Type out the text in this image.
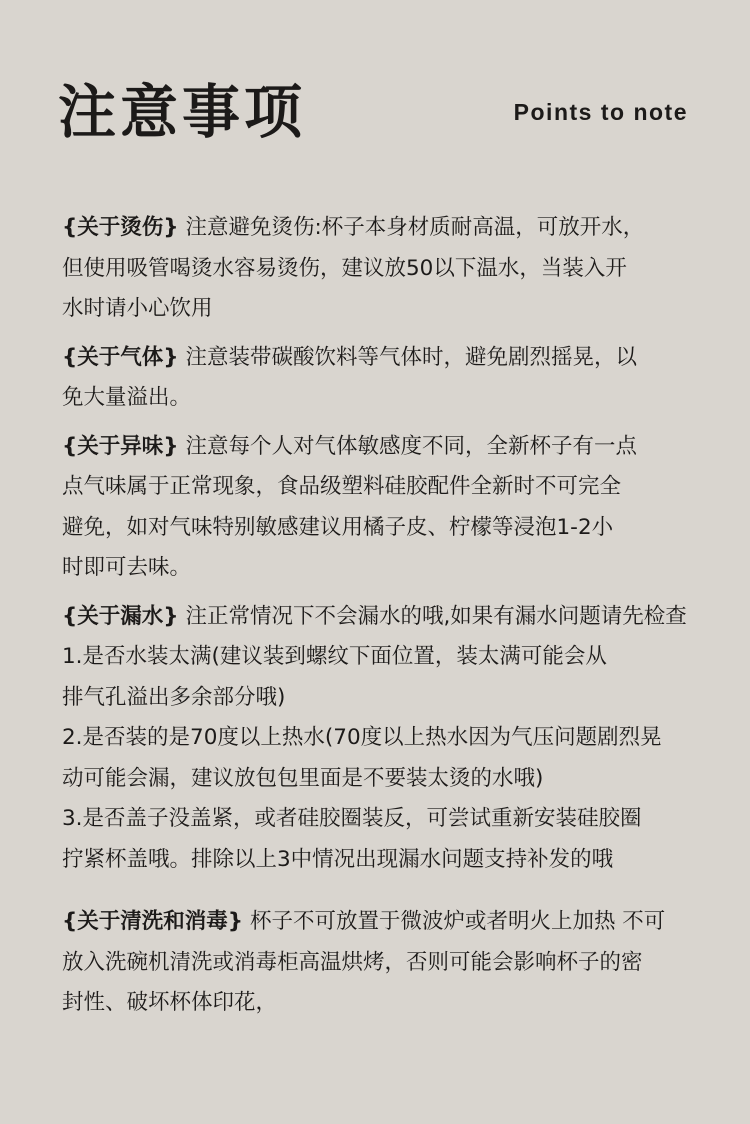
注意事项	Points to note

{关于烫伤} 注意避免烫伤:杯子本身材质耐高温，可放开水，

但使用吸管喝烫水容易烫伤，建议放50以下温水，当装入开

水时请小心饮用

{关于气体} 注意装带碳酸饮料等气体时，避免剧烈摇晃，以

免大量溢出。

{关于异味} 注意每个人对气体敏感度不同，全新杯子有一点

点气味属于正常现象，食品级塑料硅胶配件全新时不可完全

避免，如对气味特别敏感建议用橘子皮、柠檬等浸泡1-2小

时即可去味。

{关于漏水} 注正常情况下不会漏水的哦,如果有漏水问题请先检查

1.是否水装太满(建议装到螺纹下面位置，装太满可能会从

排气孔溢出多余部分哦)

2.是否装的是70度以上热水(70度以上热水因为气压问题剧烈晃

动可能会漏，建议放包包里面是不要装太烫的水哦)

3.是否盖子没盖紧，或者硅胶圈装反，可尝试重新安装硅胶圈

拧紧杯盖哦。排除以上3中情况出现漏水问题支持补发的哦

{关于清洗和消毒} 杯子不可放置于微波炉或者明火上加热 不可

放入洗碗机清洗或消毒柜高温烘烤，否则可能会影响杯子的密

封性、破坏杯体印花，
